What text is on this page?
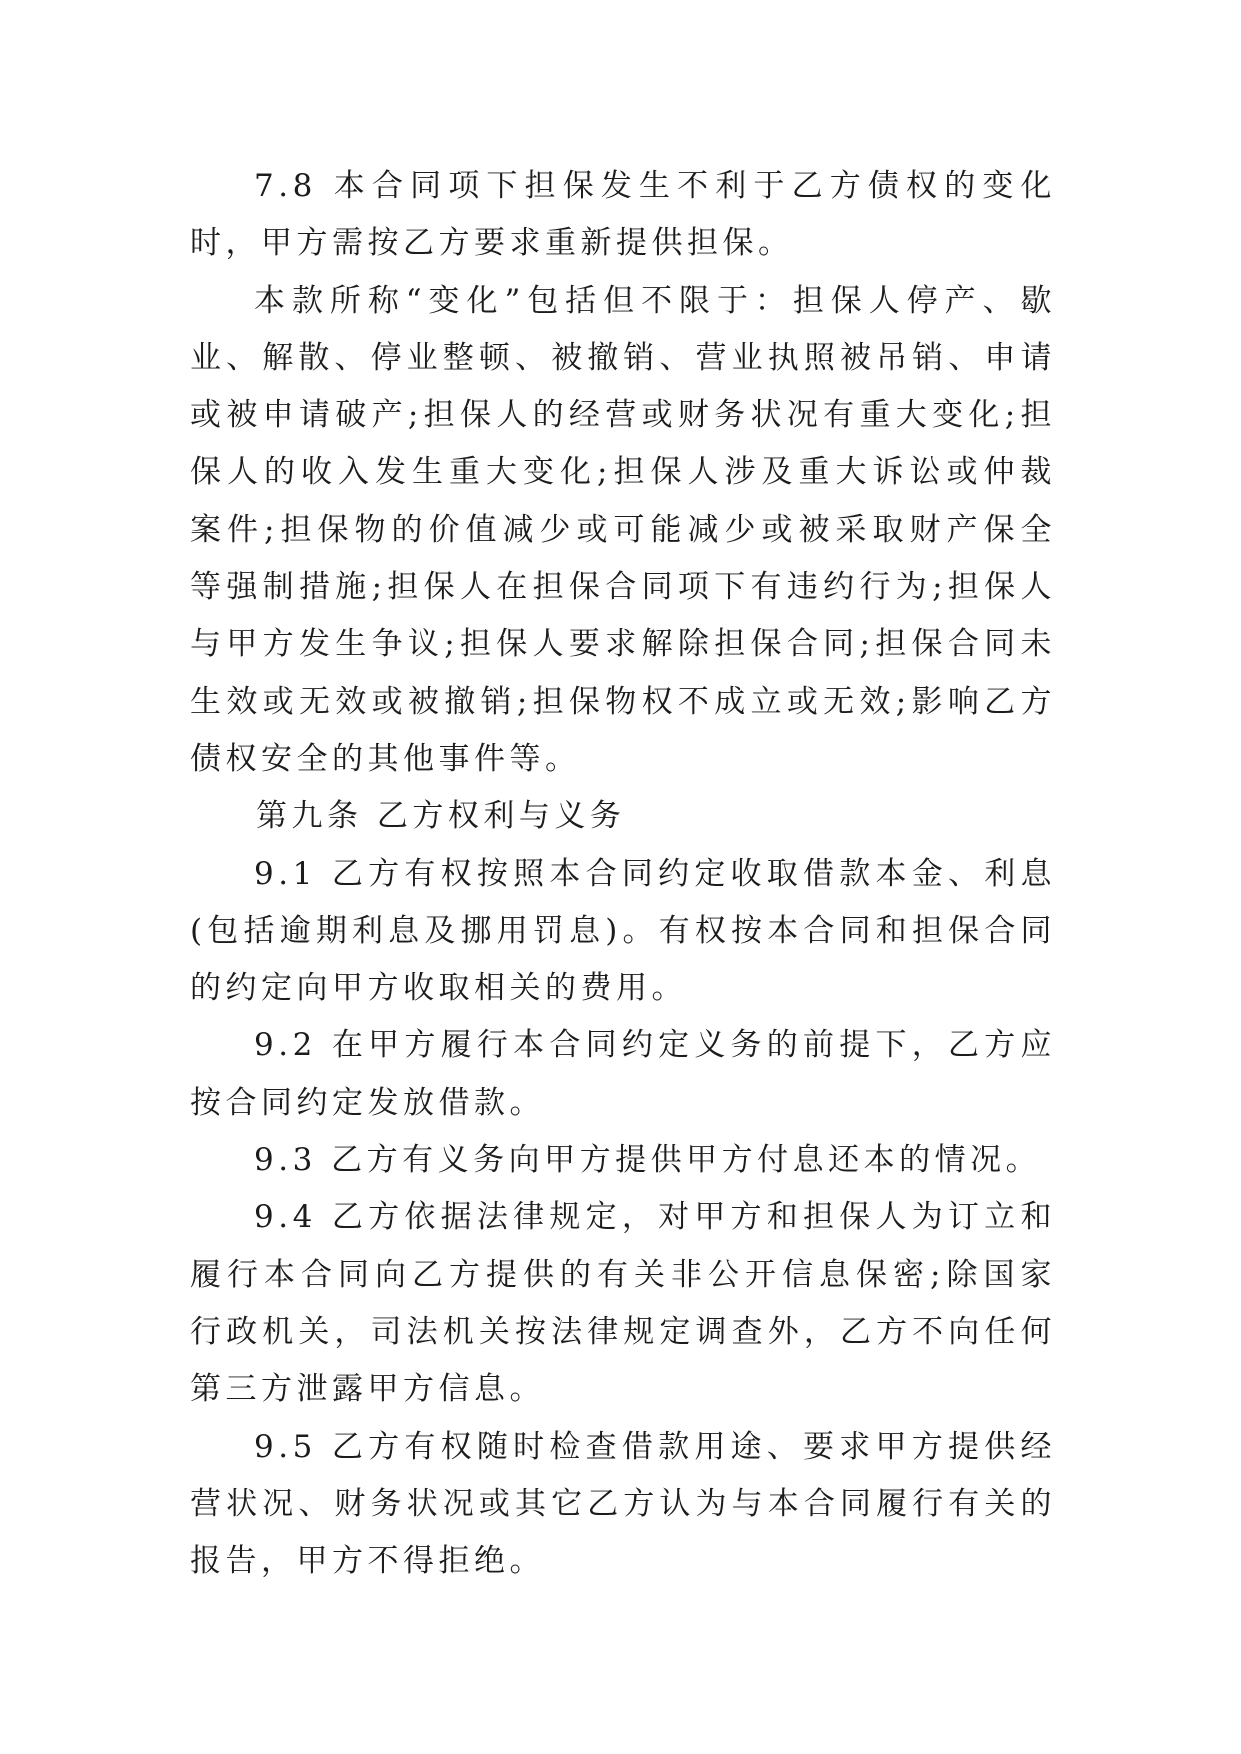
7.8 本合同项下担保发生不利于乙方债权的变化时，甲方需按乙方要求重新提供担保。

本款所称“变化”包括但不限于：担保人停产、歇业、解散、停业整顿、被撤销、营业执照被吊销、申请或被申请破产;担保人的经营或财务状况有重大变化;担保人的收入发生重大变化;担保人涉及重大诉讼或仲裁案件;担保物的价值减少或可能减少或被采取财产保全等强制措施;担保人在担保合同项下有违约行为;担保人与甲方发生争议;担保人要求解除担保合同;担保合同未生效或无效或被撤销;担保物权不成立或无效;影响乙方债权安全的其他事件等。

第九条 乙方权利与义务

9.1 乙方有权按照本合同约定收取借款本金、利息(包括逾期利息及挪用罚息)。有权按本合同和担保合同的约定向甲方收取相关的费用。

9.2 在甲方履行本合同约定义务的前提下，乙方应按合同约定发放借款。

9.3 乙方有义务向甲方提供甲方付息还本的情况。

9.4 乙方依据法律规定，对甲方和担保人为订立和履行本合同向乙方提供的有关非公开信息保密;除国家行政机关，司法机关按法律规定调查外，乙方不向任何第三方泄露甲方信息。

9.5 乙方有权随时检查借款用途、要求甲方提供经营状况、财务状况或其它乙方认为与本合同履行有关的报告，甲方不得拒绝。
